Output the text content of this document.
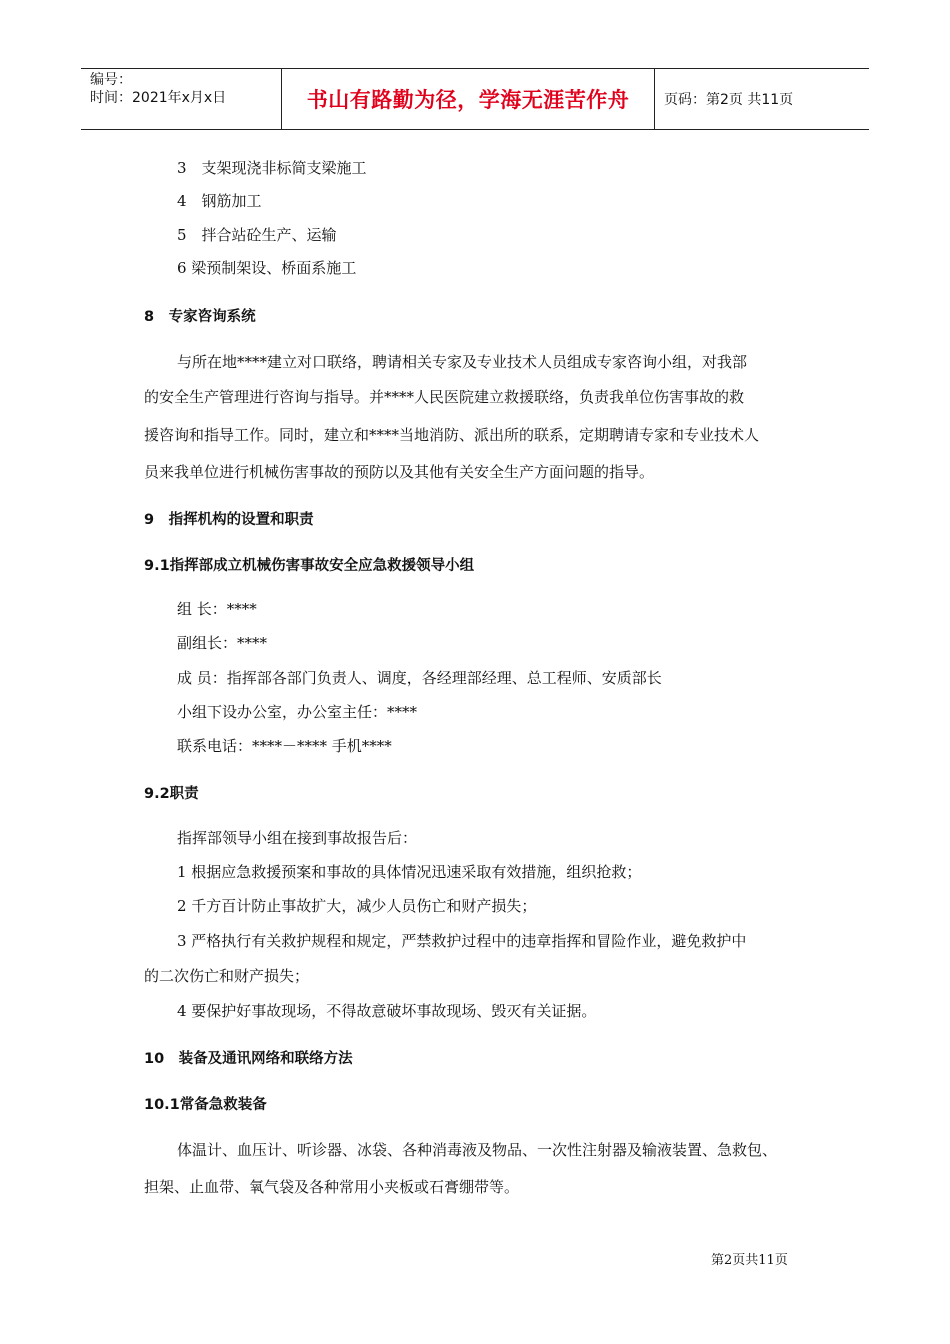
编号：
时间：2021年x月x日	书山有路勤为径，学海无涯苦作舟	页码：第2页 共11页
3　支架现浇非标简支梁施工
4　钢筋加工
5　拌合站砼生产、运输
6 梁预制架设、桥面系施工
8　专家咨询系统
与所在地****建立对口联络，聘请相关专家及专业技术人员组成专家咨询小组，对我部
的安全生产管理进行咨询与指导。并****人民医院建立救援联络，负责我单位伤害事故的救
援咨询和指导工作。同时，建立和****当地消防、派出所的联系，定期聘请专家和专业技术人
员来我单位进行机械伤害事故的预防以及其他有关安全生产方面问题的指导。
9　指挥机构的设置和职责
9.1指挥部成立机械伤害事故安全应急救援领导小组
组 长：****
副组长：****
成 员：指挥部各部门负责人、调度，各经理部经理、总工程师、安质部长
小组下设办公室，办公室主任：****
联系电话：****－**** 手机****
9.2职责
指挥部领导小组在接到事故报告后：
1 根据应急救援预案和事故的具体情况迅速采取有效措施，组织抢救；
2 千方百计防止事故扩大，减少人员伤亡和财产损失；
3 严格执行有关救护规程和规定，严禁救护过程中的违章指挥和冒险作业，避免救护中
的二次伤亡和财产损失；
4 要保护好事故现场，不得故意破坏事故现场、毁灭有关证据。
10　装备及通讯网络和联络方法
10.1常备急救装备
体温计、血压计、听诊器、冰袋、各种消毒液及物品、一次性注射器及输液装置、急救包、
担架、止血带、氧气袋及各种常用小夹板或石膏绷带等。
第2页共11页
